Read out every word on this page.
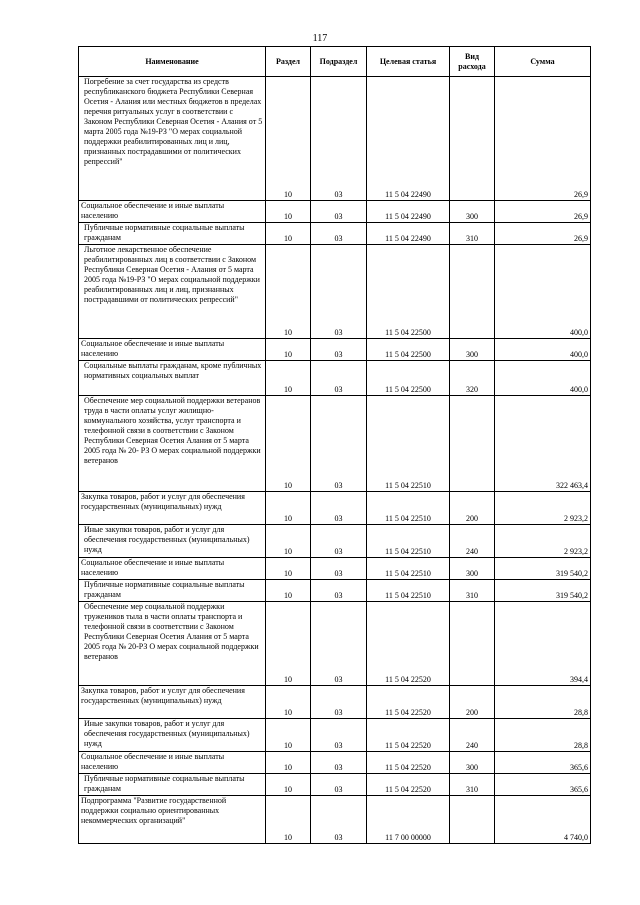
117
Наименование	Раздел	Подраздел	Целевая статья	Вид расхода	Сумма
Погребение за счет государства из средств республиканского бюджета Республики Северная Осетия - Алания или местных бюджетов в пределах перечня ритуальных услуг в соответствии с Законом Республики Северная Осетия - Алания от 5 марта 2005 года №19-РЗ "О мерах социальной поддержки реабилитированных лиц и лиц, признанных пострадавшими от политических репрессий"	10	03	11 5 04 22490		26,9
Социальное обеспечение и иные выплаты населению	10	03	11 5 04 22490	300	26,9
Публичные нормативные социальные выплаты гражданам	10	03	11 5 04 22490	310	26,9
Льготное лекарственное обеспечение реабилитированных лиц в соответствии с Законом Республики Северная Осетия - Алания от 5 марта 2005 года №19-РЗ "О мерах социальной поддержки реабилитированных лиц и лиц, признанных пострадавшими от политических репрессий"	10	03	11 5 04 22500		400,0
Социальное обеспечение и иные выплаты населению	10	03	11 5 04 22500	300	400,0
Социальные выплаты гражданам, кроме публичных нормативных социальных выплат	10	03	11 5 04 22500	320	400,0
Обеспечение мер социальной поддержки ветеранов труда в части оплаты услуг жилищно-коммунального хозяйства, услуг транспорта и телефонной связи в соответствии с Законом Республики Северная Осетия Алания от 5 марта 2005 года № 20- РЗ О мерах социальной поддержки ветеранов	10	03	11 5 04 22510		322 463,4
Закупка товаров, работ и услуг для обеспечения государственных (муниципальных) нужд	10	03	11 5 04 22510	200	2 923,2
Иные закупки товаров, работ и услуг для обеспечения государственных (муниципальных) нужд	10	03	11 5 04 22510	240	2 923,2
Социальное обеспечение и иные выплаты населению	10	03	11 5 04 22510	300	319 540,2
Публичные нормативные социальные выплаты гражданам	10	03	11 5 04 22510	310	319 540,2
Обеспечение мер социальной поддержки тружеников тыла в части оплаты транспорта и телефонной связи в соответствии с Законом Республики Северная Осетия Алания от 5 марта 2005 года № 20-РЗ О мерах социальной поддержки ветеранов	10	03	11 5 04 22520		394,4
Закупка товаров, работ и услуг для обеспечения государственных (муниципальных) нужд	10	03	11 5 04 22520	200	28,8
Иные закупки товаров, работ и услуг для обеспечения государственных (муниципальных) нужд	10	03	11 5 04 22520	240	28,8
Социальное обеспечение и иные выплаты населению	10	03	11 5 04 22520	300	365,6
Публичные нормативные социальные выплаты гражданам	10	03	11 5 04 22520	310	365,6
Подпрограмма "Развитие государственной поддержки социально ориентированных некоммерческих организаций"	10	03	11 7 00 00000		4 740,0
